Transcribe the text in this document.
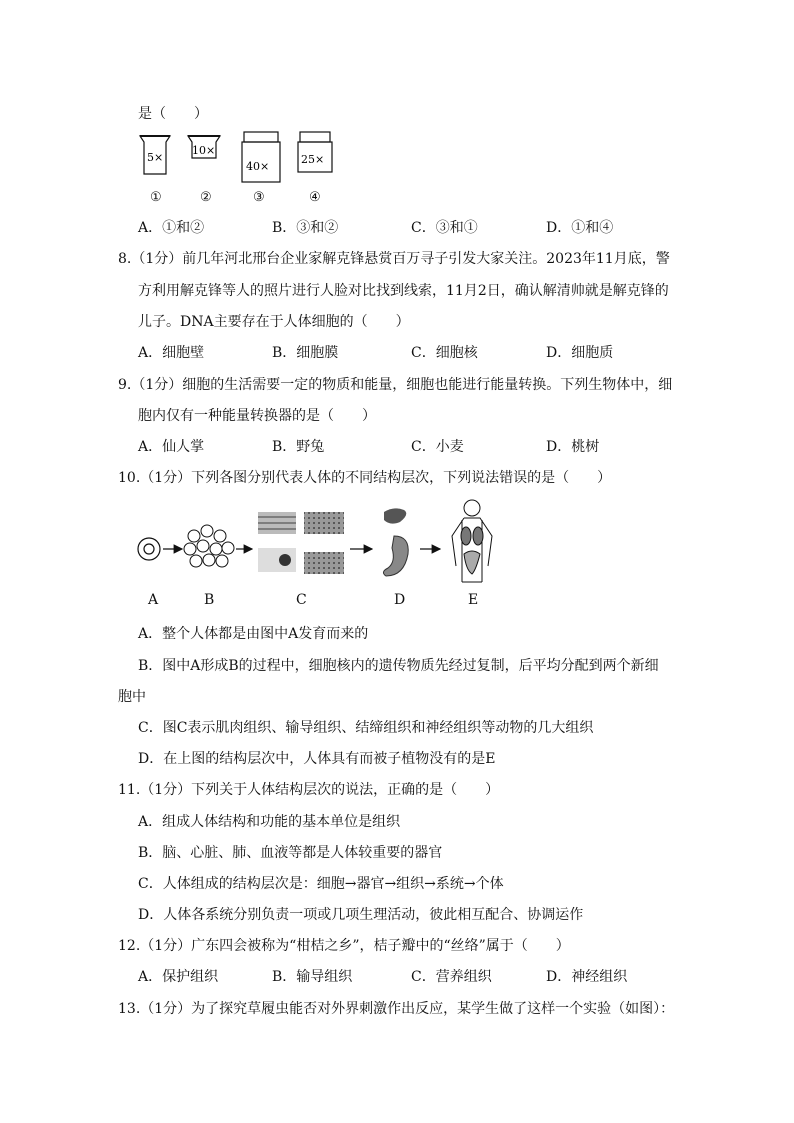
是（　　）
5×
10×
40×
25×
①	②	③	④
A．①和②	B．③和②	C．③和①	D．①和④
8.（1分）前几年河北邢台企业家解克锋悬赏百万寻子引发大家关注。2023年11月底，警
方利用解克锋等人的照片进行人脸对比找到线索，11月2日，确认解清帅就是解克锋的
儿子。DNA主要存在于人体细胞的（　　）
A．细胞壁	B．细胞膜	C．细胞核	D．细胞质
9.（1分）细胞的生活需要一定的物质和能量，细胞也能进行能量转换。下列生物体中，细
胞内仅有一种能量转换器的是（　　）
A．仙人掌	B．野兔	C．小麦	D．桃树
10.（1分）下列各图分别代表人体的不同结构层次，下列说法错误的是（　　）
A	B	C	D	E
A．整个人体都是由图中A发育而来的
B．图中A形成B的过程中，细胞核内的遗传物质先经过复制，后平均分配到两个新细
胞中
C．图C表示肌肉组织、输导组织、结缔组织和神经组织等动物的几大组织
D．在上图的结构层次中，人体具有而被子植物没有的是E
11.（1分）下列关于人体结构层次的说法，正确的是（　　）
A．组成人体结构和功能的基本单位是组织
B．脑、心脏、肺、血液等都是人体较重要的器官
C．人体组成的结构层次是：细胞→器官→组织→系统→个体
D．人体各系统分别负责一项或几项生理活动，彼此相互配合、协调运作
12.（1分）广东四会被称为“柑桔之乡”，桔子瓣中的“丝络”属于（　　）
A．保护组织	B．输导组织	C．营养组织	D．神经组织
13.（1分）为了探究草履虫能否对外界刺激作出反应，某学生做了这样一个实验（如图）：
